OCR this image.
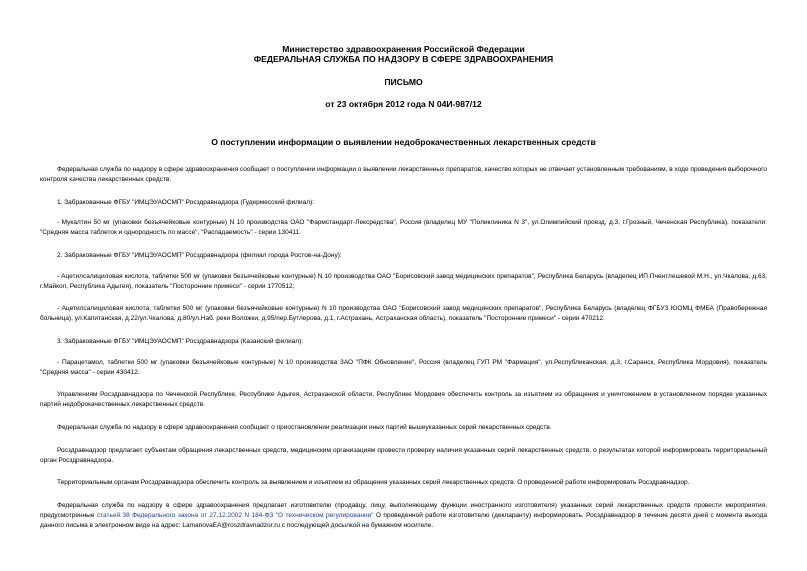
Министерство здравоохранения Российской Федерации
ФЕДЕРАЛЬНАЯ СЛУЖБА ПО НАДЗОРУ В СФЕРЕ ЗДРАВООХРАНЕНИЯ
ПИСЬМО
от 23 октября 2012 года N 04И-987/12
О поступлении информации о выявлении недоброкачественных лекарственных средств

Федеральная служба по надзору в сфере здравоохранения сообщает о поступлении информации о выявлении лекарственных препаратов, качество которых не отвечает установленным требованиям, в ходе проведения выборочного контроля качества лекарственных средств:

1. Забракованные ФГБУ "ИМЦЭУАОСМП" Росздравнадзора (Гудермесский филиал):

- Мукалтин 50 мг (упаковки безъячейковые контурные) N 10 производства ОАО "Фармстандарт-Лексредства", Россия (владелец МУ "Поликлиника N 3", ул.Олимпийский проезд, д.3, г.Грозный, Чеченская Республика), показатели: "Средняя масса таблеток и однородность по массе", "Распадаемость" - серии 130411.

2. Забракованные ФГБУ "ИМЦЭУАОСМП" Росздравнадзора (филиал города Ростов-на-Дону):

- Ацетилсалициловая кислота, таблетки 500 мг (упаковки безъячейковые контурные) N 10 производства ОАО "Борисовский завод медицинских препаратов", Республика Беларусь (владелец ИП Пчентлешевой М.Н., ул.Чкалова, д.63, г.Майкоп, Республика Адыгея), показатель "Посторонние примеси" - серии 1770512;

- Ацетилсалициловая кислота, таблетки 500 мг (упаковки безъячейковые контурные) N 10 производства ОАО "Борисовский завод медицинских препаратов", Республика Беларусь (владелец ФГБУЗ ЮОМЦ ФМБА (Правобережная больница), ул.Капитанская, д.22/ул.Чкалова, д.80/ул.Наб. реки Воложки, д.95/пер.Бутлерова, д.1, г.Астрахань, Астраханская область), показатель "Посторонние примеси" - серии 470212.

3. Забракованные ФГБУ "ИМЦЭУАОСМП" Росздравнадзора (Казанский филиал):

- Парацетамол, таблетки 500 мг (упаковки безъячейковые контурные) N 10 производства ЗАО "ПФК Обновление", Россия (владелец ГУП РМ "Фармация", ул.Республиканская, д.3, г.Саранск, Республика Мордовия), показатель "Средняя масса" - серии 430412.

Управлениям Росздравнадзора по Чеченской Республике, Республике Адыгея, Астраханской области, Республике Мордовия обеспечить контроль за изъятием из обращения и уничтожением в установленном порядке указанных партий недоброкачественных лекарственных средств.

Федеральная служба по надзору в сфере здравоохранения сообщает о приостановлении реализации иных партий вышеуказанных серий лекарственных средств.

Росздравнадзор предлагает субъектам обращения лекарственных средств, медицинским организациям провести проверку наличия указанных серий лекарственных средств, о результатах которой информировать территориальный орган Росздравнадзора.

Территориальным органам Росздравнадзора обеспечить контроль за выявлением и изъятием из обращения указанных серий лекарственных средств. О проведенной работе информировать Росздравнадзор.

Федеральная служба по надзору в сфере здравоохранения предлагает изготовителю (продавцу, лицу, выполняющему функции иностранного изготовителя) указанных серий лекарственных средств провести мероприятия, предусмотренные статьей 38 Федерального закона от 27.12.2002 N 184-ФЗ "О техническом регулировании" О проведенной работе изготовителю (декларанту) информировать. Росздравнадзор в течение десяти дней с момента выхода данного письма в электронном виде на адрес: LamanovaEA@roszdravnadzor.ru с последующей досылкой на бумажном носителе.
